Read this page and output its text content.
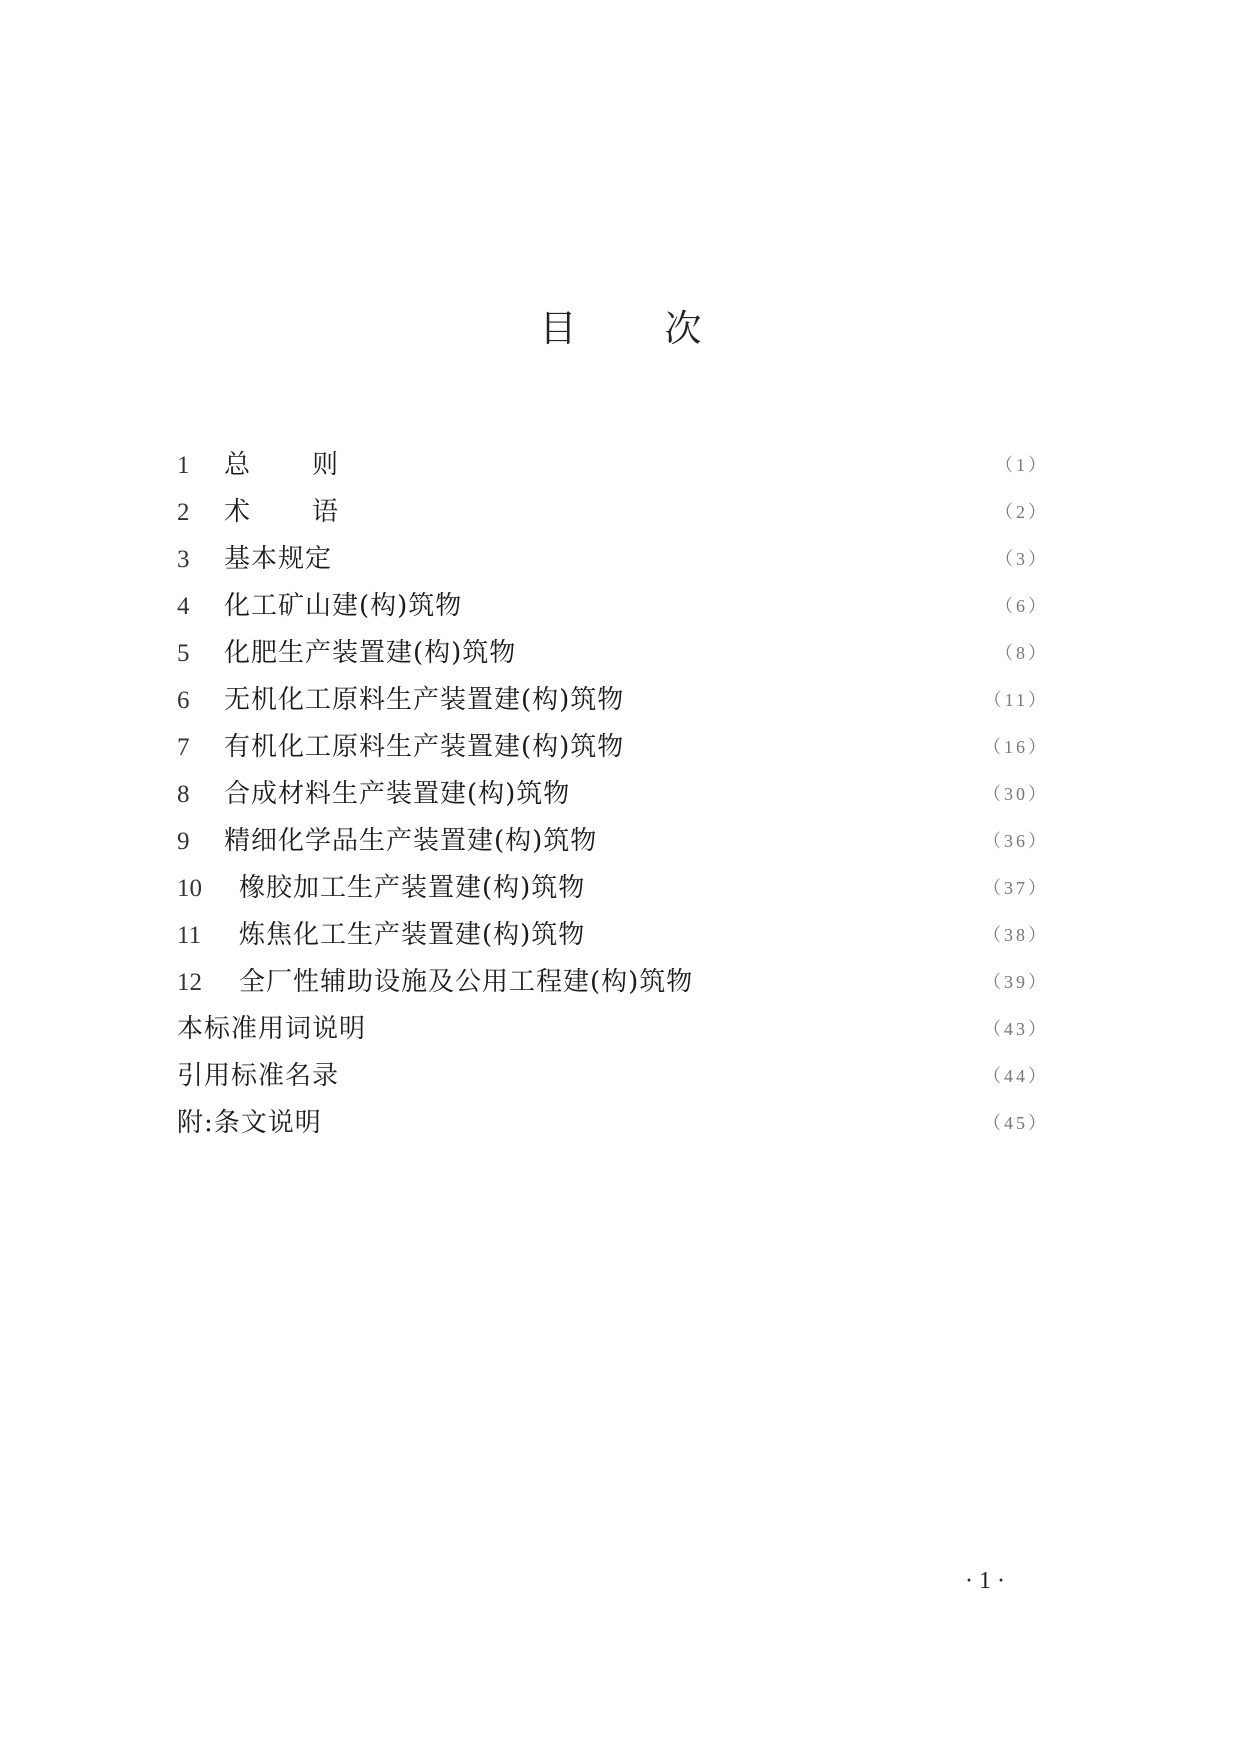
目 次
1	总则	（1）
2	术语	（2）
3	基本规定	（3）
4	化工矿山建(构)筑物	（6）
5	化肥生产装置建(构)筑物	（8）
6	无机化工原料生产装置建(构)筑物	（11）
7	有机化工原料生产装置建(构)筑物	（16）
8	合成材料生产装置建(构)筑物	（30）
9	精细化学品生产装置建(构)筑物	（36）
10	橡胶加工生产装置建(构)筑物	（37）
11	炼焦化工生产装置建(构)筑物	（38）
12	全厂性辅助设施及公用工程建(构)筑物	（39）
本标准用词说明	（43）
引用标准名录	（44）
附:条文说明	（45）
· 1 ·
